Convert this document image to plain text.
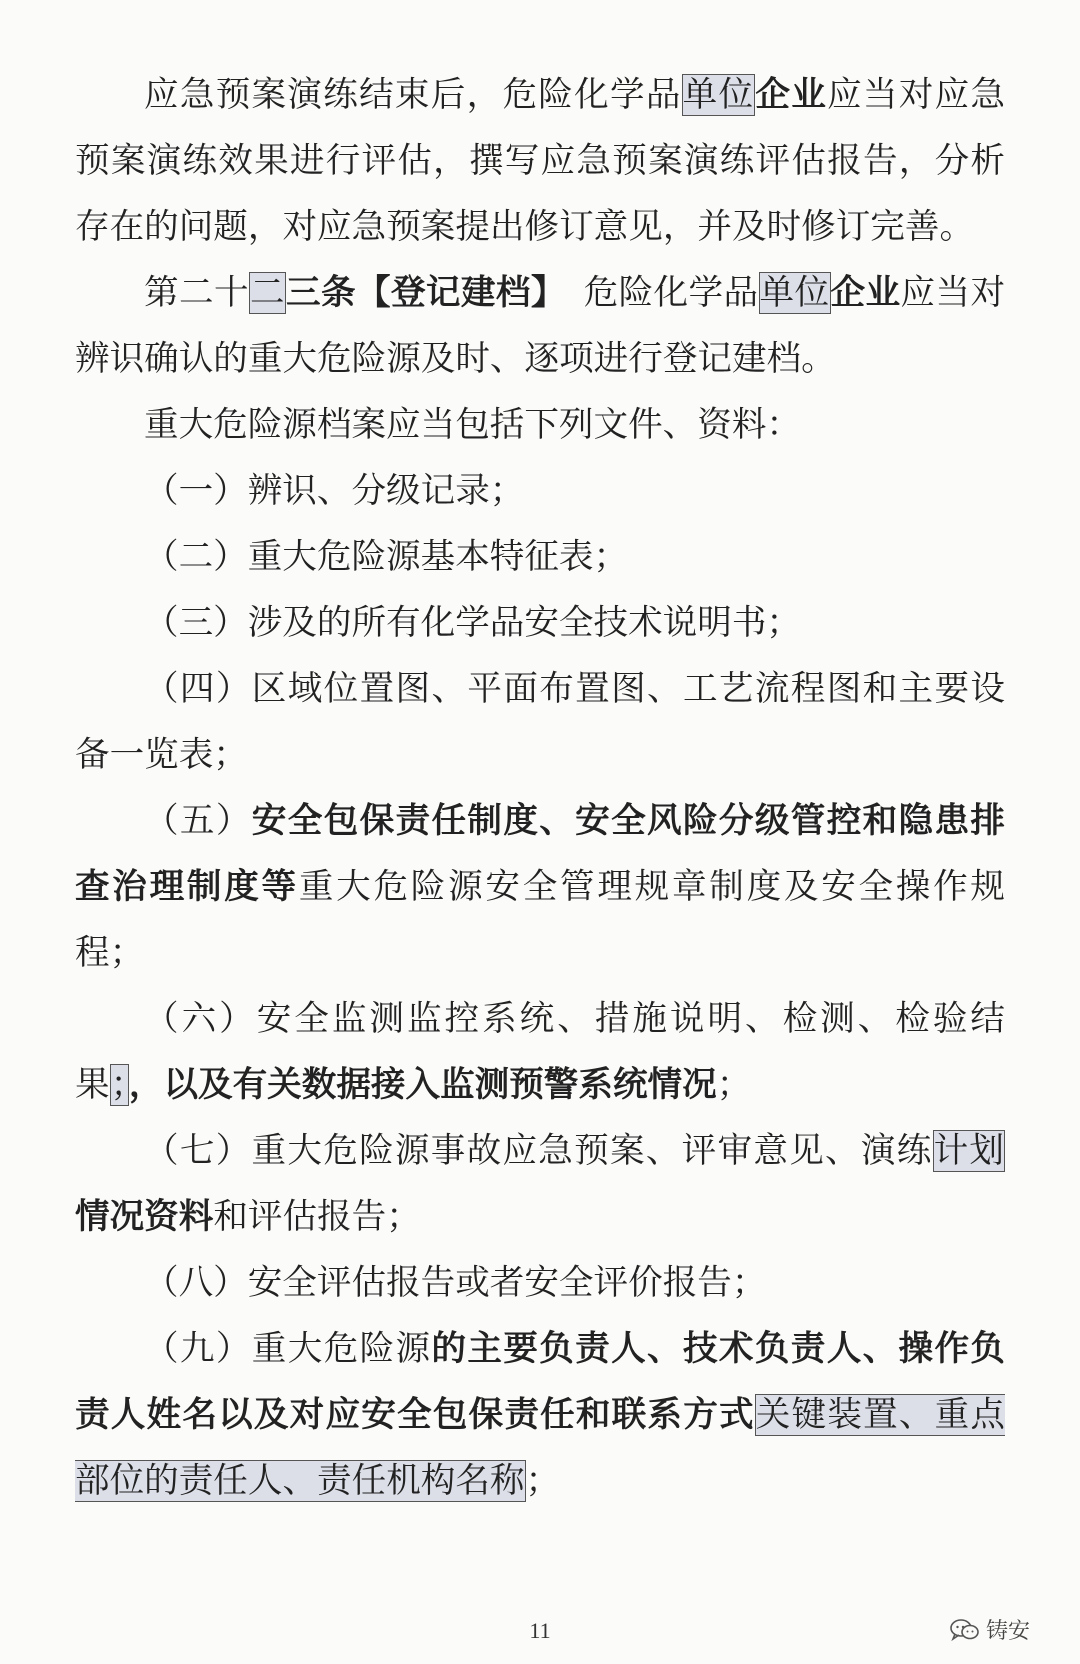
应急预案演练结束后，危险化学品单位企业应当对应急预案演练效果进行评估，撰写应急预案演练评估报告，分析存在的问题，对应急预案提出修订意见，并及时修订完善。

第二十二三条【登记建档】　危险化学品单位企业应当对辨识确认的重大危险源及时、逐项进行登记建档。

重大危险源档案应当包括下列文件、资料：

（一）辨识、分级记录；

（二）重大危险源基本特征表；

（三）涉及的所有化学品安全技术说明书；

（四）区域位置图、平面布置图、工艺流程图和主要设备一览表；

（五）安全包保责任制度、安全风险分级管控和隐患排查治理制度等重大危险源安全管理规章制度及安全操作规程；

（六）安全监测监控系统、措施说明、检测、检验结果；，以及有关数据接入监测预警系统情况；

（七）重大危险源事故应急预案、评审意见、演练计划情况资料和评估报告；

（八）安全评估报告或者安全评价报告；

（九）重大危险源的主要负责人、技术负责人、操作负责人姓名以及对应安全包保责任和联系方式关键装置、重点部位的责任人、责任机构名称；

11	铸安
